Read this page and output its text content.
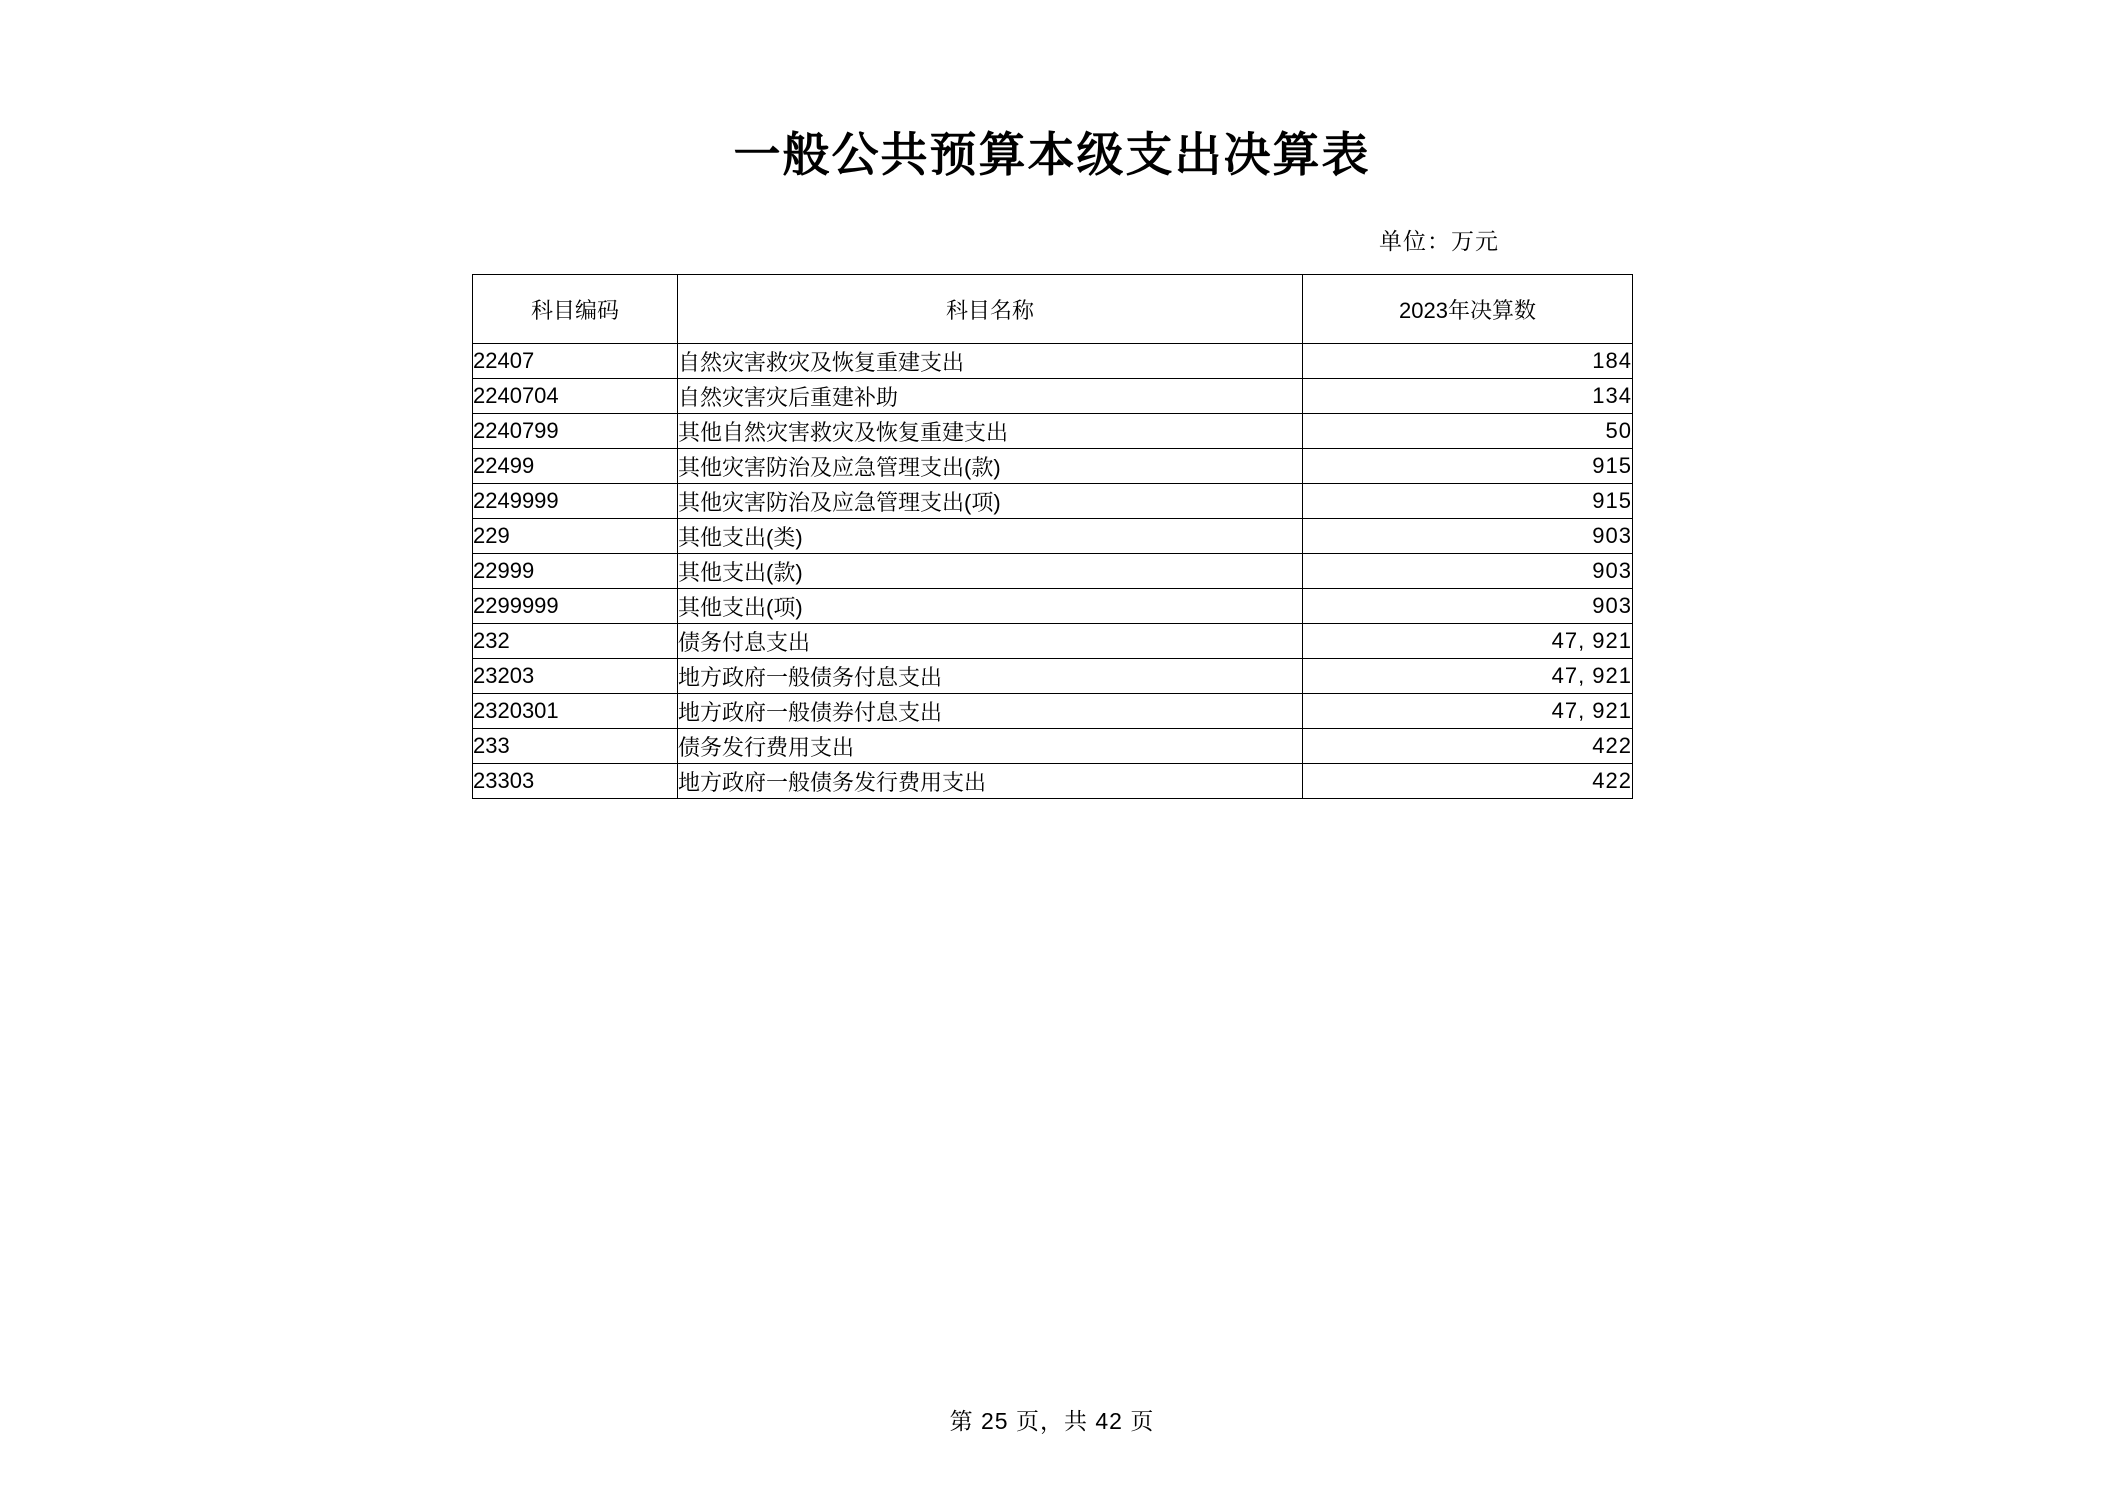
一般公共预算本级支出决算表

单位：万元

科目编码	科目名称	2023年决算数
22407	自然灾害救灾及恢复重建支出	184
2240704	自然灾害灾后重建补助	134
2240799	其他自然灾害救灾及恢复重建支出	50
22499	其他灾害防治及应急管理支出(款)	915
2249999	其他灾害防治及应急管理支出(项)	915
229	其他支出(类)	903
22999	其他支出(款)	903
2299999	其他支出(项)	903
232	债务付息支出	47, 921
23203	地方政府一般债务付息支出	47, 921
2320301	地方政府一般债券付息支出	47, 921
233	债务发行费用支出	422
23303	地方政府一般债务发行费用支出	422
第 25 页，共 42 页
